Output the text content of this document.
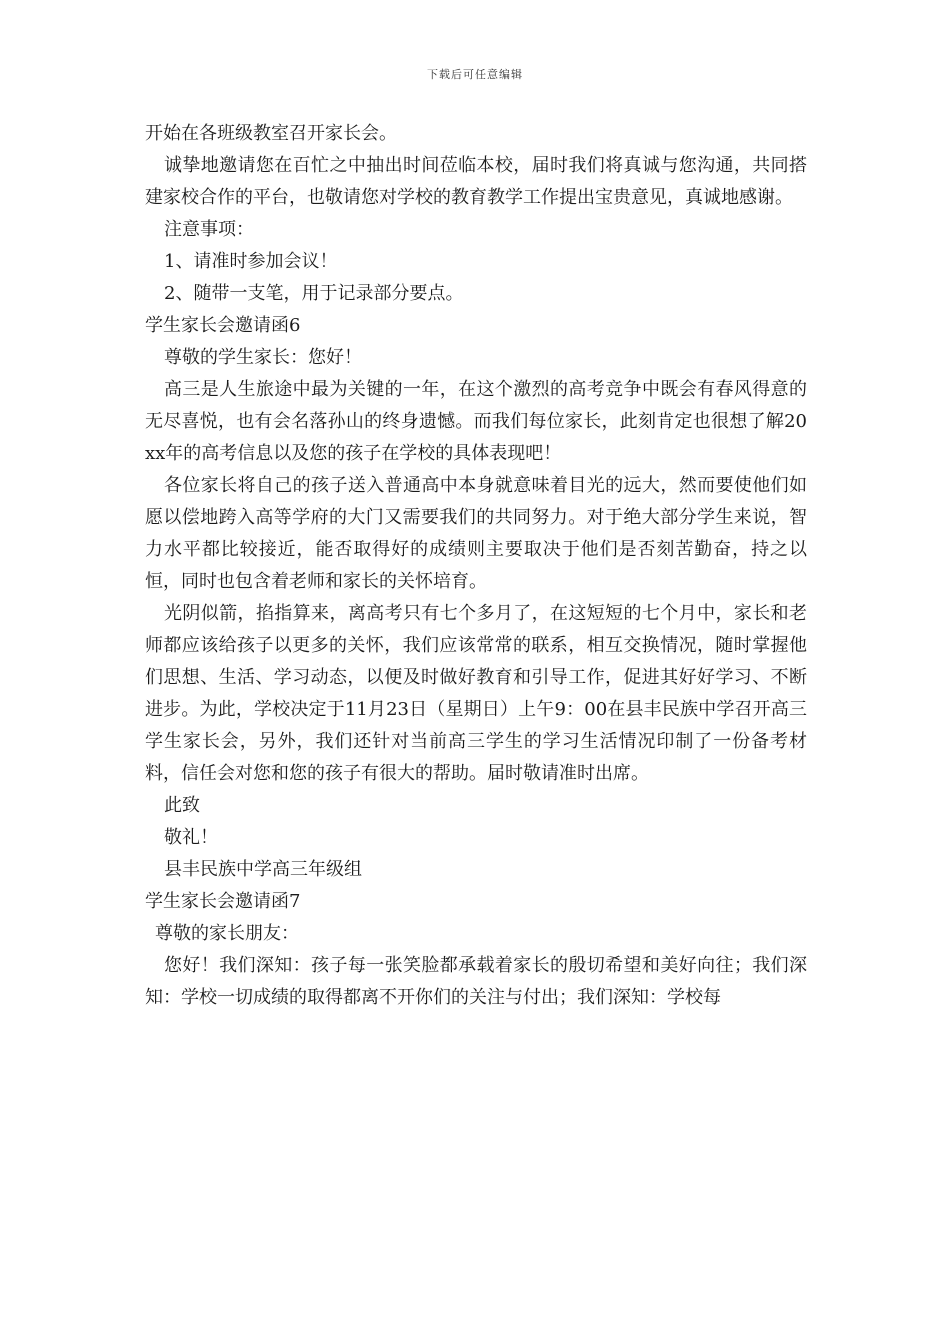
下载后可任意编辑

开始在各班级教室召开家长会。

诚挚地邀请您在百忙之中抽出时间莅临本校，届时我们将真诚与您沟通，共同搭建家校合作的平台，也敬请您对学校的教育教学工作提出宝贵意见，真诚地感谢。

注意事项：

1、请准时参加会议！

2、随带一支笔，用于记录部分要点。

学生家长会邀请函6

尊敬的学生家长：您好！

高三是人生旅途中最为关键的一年，在这个激烈的高考竞争中既会有春风得意的无尽喜悦，也有会名落孙山的终身遗憾。而我们每位家长，此刻肯定也很想了解20xx年的高考信息以及您的孩子在学校的具体表现吧！

各位家长将自己的孩子送入普通高中本身就意味着目光的远大，然而要使他们如愿以偿地跨入高等学府的大门又需要我们的共同努力。对于绝大部分学生来说，智力水平都比较接近，能否取得好的成绩则主要取决于他们是否刻苦勤奋，持之以恒，同时也包含着老师和家长的关怀培育。

光阴似箭，掐指算来，离高考只有七个多月了，在这短短的七个月中，家长和老师都应该给孩子以更多的关怀，我们应该常常的联系，相互交换情况，随时掌握他们思想、生活、学习动态，以便及时做好教育和引导工作，促进其好好学习、不断进步。为此，学校决定于11月23日（星期日）上午9：00在县丰民族中学召开高三学生家长会，另外，我们还针对当前高三学生的学习生活情况印制了一份备考材料，信任会对您和您的孩子有很大的帮助。届时敬请准时出席。

此致

敬礼！

县丰民族中学高三年级组

学生家长会邀请函7

尊敬的家长朋友：

您好！我们深知：孩子每一张笑脸都承载着家长的殷切希望和美好向往；我们深知：学校一切成绩的取得都离不开你们的关注与付出；我们深知：学校每
